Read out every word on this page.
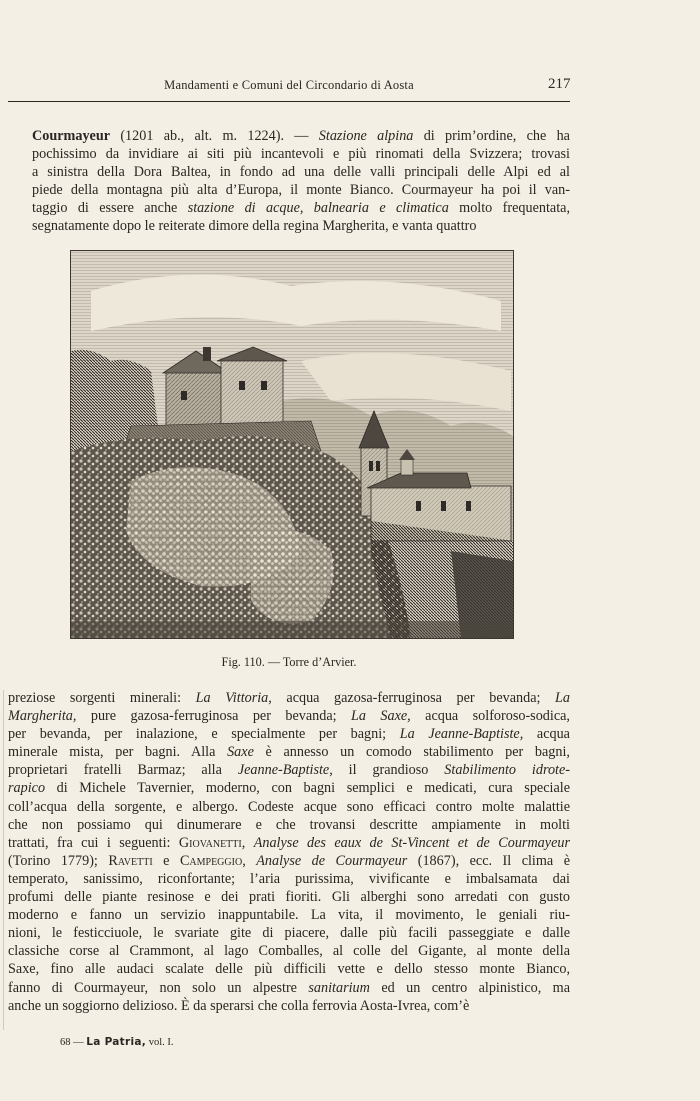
Mandamenti e Comuni del Circondario di Aosta	217
Courmayeur (1201 ab., alt. m. 1224). — Stazione alpina di prim’ordine, che ha
pochissimo da invidiare ai siti più incantevoli e più rinomati della Svizzera; trovasi
a sinistra della Dora Baltea, in fondo ad una delle valli principali delle Alpi ed al
piede della montagna più alta d’Europa, il monte Bianco. Courmayeur ha poi il van-
taggio di essere anche stazione di acque, balnearia e climatica molto frequentata,
segnatamente dopo le reiterate dimore della regina Margherita, e vanta quattro
Fig. 110. — Torre d’Arvier.
preziose sorgenti minerali: La Vittoria, acqua gazosa-ferruginosa per bevanda; La
Margherita, pure gazosa-ferruginosa per bevanda; La Saxe, acqua solforoso-sodica,
per bevanda, per inalazione, e specialmente per bagni; La Jeanne-Baptiste, acqua
minerale mista, per bagni. Alla Saxe è annesso un comodo stabilimento per bagni,
proprietari fratelli Barmaz; alla Jeanne-Baptiste, il grandioso Stabilimento idrote-
rapico di Michele Tavernier, moderno, con bagni semplici e medicati, cura speciale
coll’acqua della sorgente, e albergo. Codeste acque sono efficaci contro molte malattie
che non possiamo qui dinumerare e che trovansi descritte ampiamente in molti
trattati, fra cui i seguenti: Giovanetti, Analyse des eaux de St-Vincent et de Courmayeur
(Torino 1779); Ravetti e Campeggio, Analyse de Courmayeur (1867), ecc. Il clima è
temperato, sanissimo, riconfortante; l’aria purissima, vivificante e imbalsamata dai
profumi delle piante resinose e dei prati fioriti. Gli alberghi sono arredati con gusto
moderno e fanno un servizio inappuntabile. La vita, il movimento, le geniali riu-
nioni, le festicciuole, le svariate gite di piacere, dalle più facili passeggiate e dalle
classiche corse al Crammont, al lago Comballes, al colle del Gigante, al monte della
Saxe, fino alle audaci scalate delle più difficili vette e dello stesso monte Bianco,
fanno di Courmayeur, non solo un alpestre sanitarium ed un centro alpinistico, ma
anche un soggiorno delizioso. È da sperarsi che colla ferrovia Aosta-Ivrea, com’è
68 — La Patria, vol. I.
